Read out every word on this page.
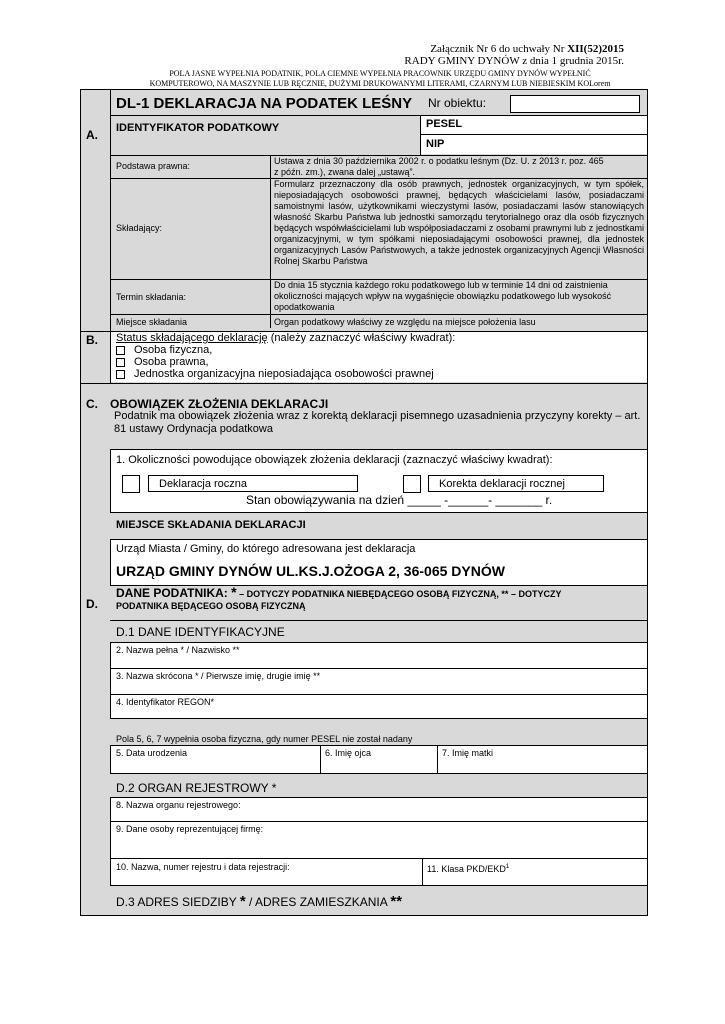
Załącznik Nr 6 do uchwały Nr XII(52)2015
RADY GMINY DYNÓW z dnia 1 grudnia 2015r.
POLA JASNE WYPEŁNIA PODATNIK, POLA CIEMNE WYPEŁNIA PRACOWNIK URZĘDU GMINY DYNÓW WYPEŁNIĆ
KOMPUTEROWO, NA MASZYNIE LUB RĘCZNIE, DUŻYMI DRUKOWANYMI LITERAMI, CZARNYM LUB NIEBIESKIM KOLorem
DL-1 DEKLARACJA NA PODATEK LEŚNY Nr obiektu:
A. IDENTYFIKATOR PODATKOWY	PESEL
NIP
Podstawa prawna:	Ustawa z dnia 30 października 2002 r. o podatku leśnym (Dz. U. z 2013 r. poz. 465 z późn. zm.), zwana dalej „ustawą”.
Składający:
Formularz przeznaczony dla osób prawnych, jednostek organizacyjnych, w tym spółek, nieposiadających osobowości prawnej, będących właścicielami lasów, posiadaczami samoistnymi lasów, użytkownikami wieczystymi lasów, posiadaczami lasów stanowiących własność Skarbu Państwa lub jednostki samorządu terytorialnego oraz dla osób fizycznych będących współwłaścicielami lub współposiadaczami z osobami prawnymi lub z jednostkami organizacyjnymi, w tym spółkami nieposiadającymi osobowości prawnej, dla jednostek organizacyjnych Lasów Państwowych, a także jednostek organizacyjnych Agencji Własności Rolnej Skarbu Państwa
Termin składania:
Do dnia 15 stycznia każdego roku podatkowego lub w terminie 14 dni od zaistnienia okoliczności mających wpływ na wygaśnięcie obowiązku podatkowego lub wysokość opodatkowania
Miejsce składania	Organ podatkowy właściwy ze względu na miejsce położenia lasu
B. Status składającego deklarację (należy zaznaczyć właściwy kwadrat):
Osoba fizyczna,
Osoba prawna,
Jednostka organizacyjna nieposiadająca osobowości prawnej
C. OBOWIĄZEK ZŁOŻENIA DEKLARACJI
Podatnik ma obowiązek złożenia wraz z korektą deklaracji pisemnego uzasadnienia przyczyny korekty – art. 81 ustawy Ordynacja podatkowa
1. Okoliczności powodujące obowiązek złożenia deklaracji (zaznaczyć właściwy kwadrat):
Deklaracja roczna	Korekta deklaracji rocznej
Stan obowiązywania na dzień _____ -______- _______ r.
MIEJSCE SKŁADANIA DEKLARACJI
Urząd Miasta / Gminy, do którego adresowana jest deklaracja
URZĄD GMINY DYNÓW UL.KS.J.OŻOGA 2, 36-065 DYNÓW
D.
DANE PODATNIKA: * – DOTYCZY PODATNIKA NIEBĘDĄCEGO OSOBĄ FIZYCZNĄ, ** – DOTYCZY PODATNIKA BĘDĄCEGO OSOBĄ FIZYCZNĄ
D.1 DANE IDENTYFIKACYJNE
2. Nazwa pełna * / Nazwisko **
3. Nazwa skrócona * / Pierwsze imię, drugie imię **
4. Identyfikator REGON*
Pola 5, 6, 7 wypełnia osoba fizyczna, gdy numer PESEL nie został nadany
5. Data urodzenia	6. Imię ojca	7. Imię matki
D.2 ORGAN REJESTROWY *
8. Nazwa organu rejestrowego:
9. Dane osoby reprezentującej firmę:
10. Nazwa, numer rejestru i data rejestracji:	11. Klasa PKD/EKD$^1$
D.3 ADRES SIEDZIBY * / ADRES ZAMIESZKANIA **
